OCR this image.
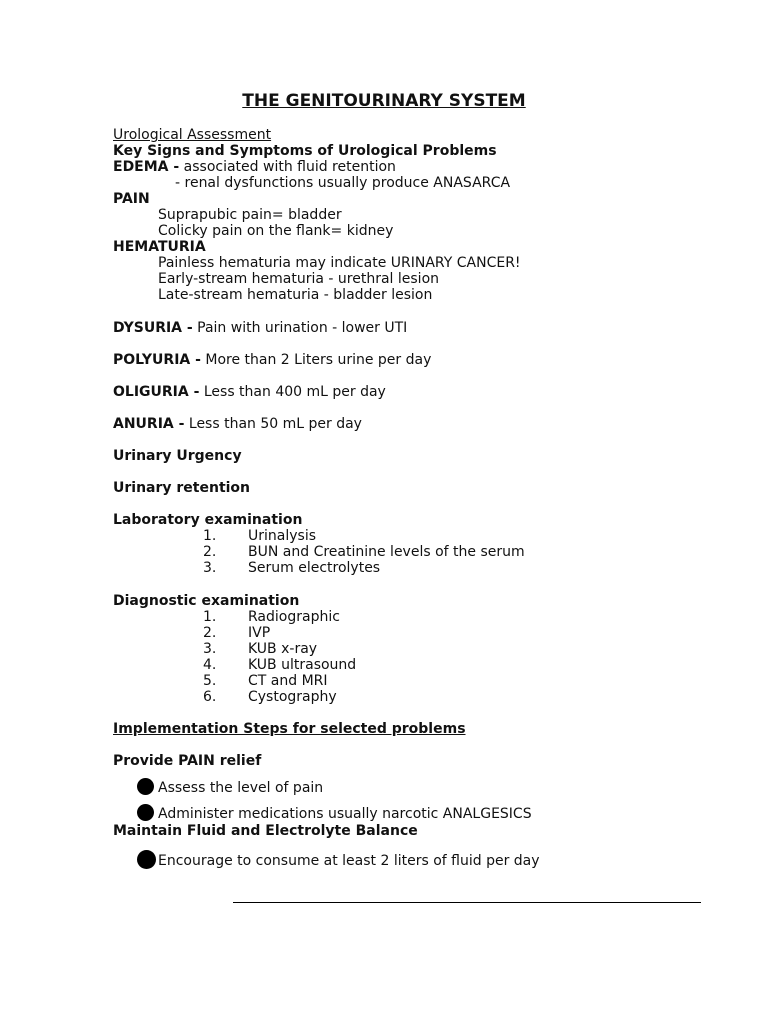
THE GENITOURINARY SYSTEM
Urological Assessment
Key Signs and Symptoms of Urological Problems
EDEMA - associated with fluid retention
- renal dysfunctions usually produce ANASARCA
PAIN
Suprapubic pain= bladder
Colicky pain on the flank= kidney
HEMATURIA
Painless hematuria may indicate URINARY CANCER!
Early-stream hematuria - urethral lesion
Late-stream hematuria - bladder lesion
DYSURIA - Pain with urination - lower UTI
POLYURIA - More than 2 Liters urine per day
OLIGURIA - Less than 400 mL per day
ANURIA - Less than 50 mL per day
Urinary Urgency
Urinary retention
Laboratory examination
1. Urinalysis
2. BUN and Creatinine levels of the serum
3. Serum electrolytes
Diagnostic examination
1. Radiographic
2. IVP
3. KUB x-ray
4. KUB ultrasound
5. CT and MRI
6. Cystography
Implementation Steps for selected problems
Provide PAIN relief
Assess the level of pain
Administer medications usually narcotic ANALGESICS
Maintain Fluid and Electrolyte Balance
Encourage to consume at least 2 liters of fluid per day
